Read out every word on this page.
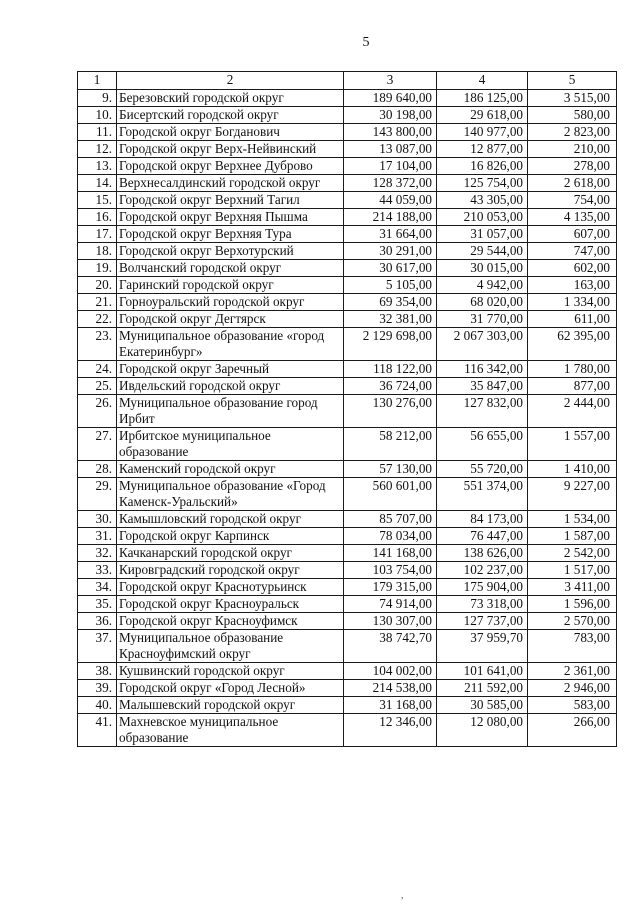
5
1	2	3	4	5
9.	Березовский городской округ	189 640,00	186 125,00	3 515,00
10.	Бисертский городской округ	30 198,00	29 618,00	580,00
11.	Городской округ Богданович	143 800,00	140 977,00	2 823,00
12.	Городской округ Верх-Нейвинский	13 087,00	12 877,00	210,00
13.	Городской округ Верхнее Дуброво	17 104,00	16 826,00	278,00
14.	Верхнесалдинский городской округ	128 372,00	125 754,00	2 618,00
15.	Городской округ Верхний Тагил	44 059,00	43 305,00	754,00
16.	Городской округ Верхняя Пышма	214 188,00	210 053,00	4 135,00
17.	Городской округ Верхняя Тура	31 664,00	31 057,00	607,00
18.	Городской округ Верхотурский	30 291,00	29 544,00	747,00
19.	Волчанский городской округ	30 617,00	30 015,00	602,00
20.	Гаринский городской округ	5 105,00	4 942,00	163,00
21.	Горноуральский городской округ	69 354,00	68 020,00	1 334,00
22.	Городской округ Дегтярск	32 381,00	31 770,00	611,00
23.	Муниципальное образование «город Екатеринбург»	2 129 698,00	2 067 303,00	62 395,00
24.	Городской округ Заречный	118 122,00	116 342,00	1 780,00
25.	Ивдельский городской округ	36 724,00	35 847,00	877,00
26.	Муниципальное образование город Ирбит	130 276,00	127 832,00	2 444,00
27.	Ирбитское муниципальное образование	58 212,00	56 655,00	1 557,00
28.	Каменский городской округ	57 130,00	55 720,00	1 410,00
29.	Муниципальное образование «Город Каменск-Уральский»	560 601,00	551 374,00	9 227,00
30.	Камышловский городской округ	85 707,00	84 173,00	1 534,00
31.	Городской округ Карпинск	78 034,00	76 447,00	1 587,00
32.	Качканарский городской округ	141 168,00	138 626,00	2 542,00
33.	Кировградский городской округ	103 754,00	102 237,00	1 517,00
34.	Городской округ Краснотурьинск	179 315,00	175 904,00	3 411,00
35.	Городской округ Красноуральск	74 914,00	73 318,00	1 596,00
36.	Городской округ Красноуфимск	130 307,00	127 737,00	2 570,00
37.	Муниципальное образование Красноуфимский округ	38 742,70	37 959,70	783,00
38.	Кушвинский городской округ	104 002,00	101 641,00	2 361,00
39.	Городской округ «Город Лесной»	214 538,00	211 592,00	2 946,00
40.	Малышевский городской округ	31 168,00	30 585,00	583,00
41.	Махневское муниципальное образование	12 346,00	12 080,00	266,00
,
